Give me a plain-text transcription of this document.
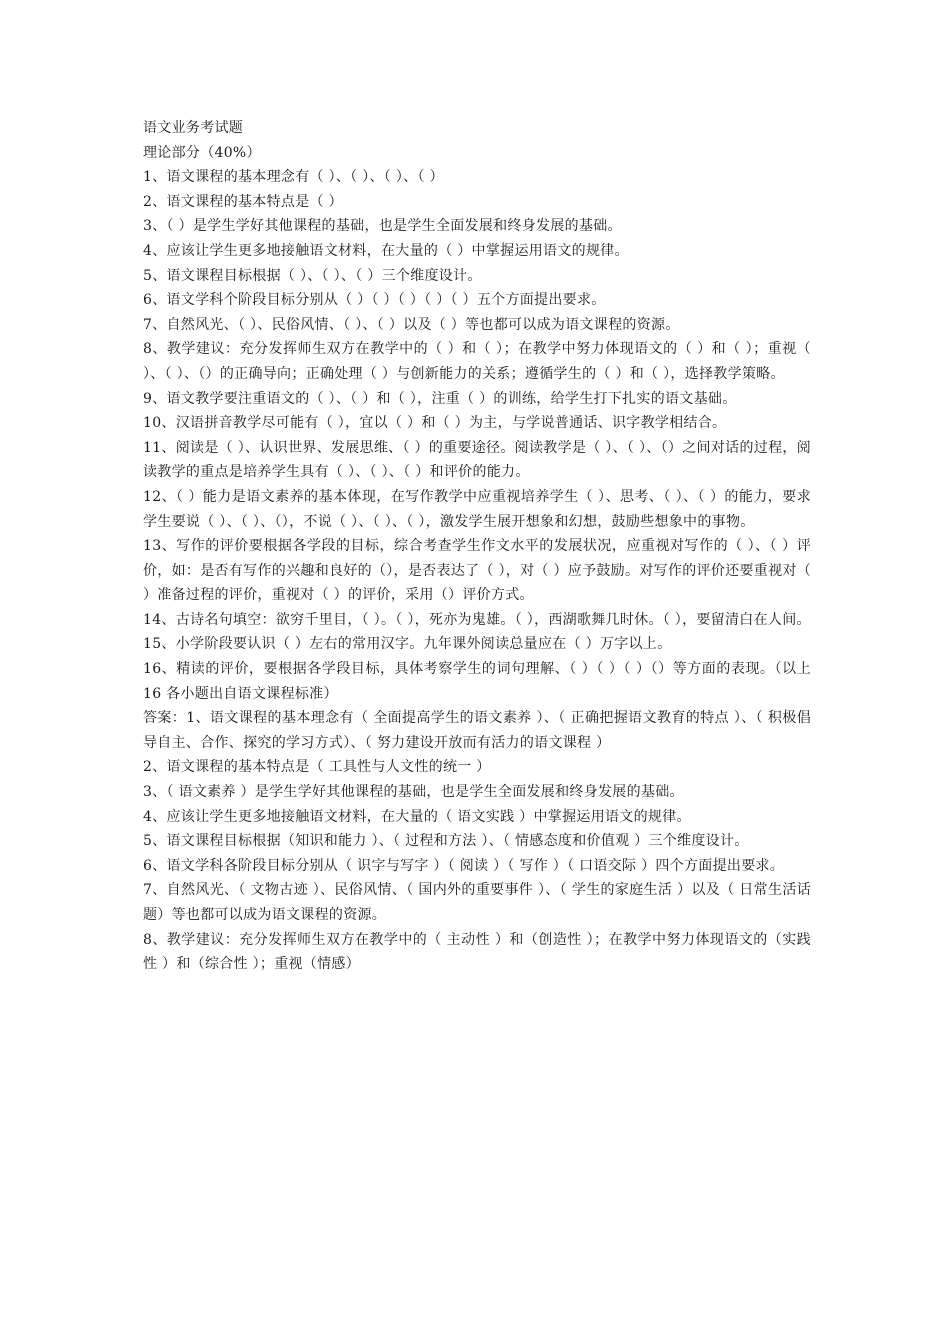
语文业务考试题

理论部分（40%）

1、语文课程的基本理念有（ ）、（ ）、（ ）、（ ）

2、语文课程的基本特点是（ ）

3、（ ）是学生学好其他课程的基础，也是学生全面发展和终身发展的基础。

4、应该让学生更多地接触语文材料，在大量的（ ）中掌握运用语文的规律。

5、语文课程目标根据（ ）、（ ）、（ ）三个维度设计。

6、语文学科个阶段目标分别从（ ）（ ）（ ）（ ）（ ）五个方面提出要求。

7、自然风光、（ ）、民俗风情、（ ）、（ ）以及（ ）等也都可以成为语文课程的资源。

8、教学建议：充分发挥师生双方在教学中的（ ）和（ ）；在教学中努力体现语文的（ ）和（ ）；重视（ ）、（ ）、（）的正确导向；正确处理（ ）与创新能力的关系；遵循学生的（ ）和（ ），选择教学策略。

9、语文教学要注重语文的（ ）、（ ）和（ ），注重（ ）的训练，给学生打下扎实的语文基础。

10、汉语拼音教学尽可能有（ ），宜以（ ）和（ ）为主，与学说普通话、识字教学相结合。

11、阅读是（ ）、认识世界、发展思维、（ ）的重要途径。阅读教学是（ ）、（ ）、（）之间对话的过程，阅读教学的重点是培养学生具有（ ）、（ ）、（ ）和评价的能力。

12、（ ）能力是语文素养的基本体现，在写作教学中应重视培养学生（ ）、思考、（ ）、（ ）的能力，要求学生要说（ ）、（ ）、（），不说（ ）、（ ）、（ ），激发学生展开想象和幻想，鼓励些想象中的事物。

13、写作的评价要根据各学段的目标，综合考查学生作文水平的发展状况，应重视对写作的（ ）、（ ）评价，如：是否有写作的兴趣和良好的（），是否表达了（ ），对（ ）应予鼓励。对写作的评价还要重视对（ ）准备过程的评价，重视对（ ）的评价，采用（）评价方式。

14、古诗名句填空：欲穷千里目，（ ）。（ ），死亦为鬼雄。（ ），西湖歌舞几时休。（ ），要留清白在人间。

15、小学阶段要认识（ ）左右的常用汉字。九年课外阅读总量应在（ ）万字以上。

16、精读的评价，要根据各学段目标，具体考察学生的词句理解、（ ）（ ）（ ）（）等方面的表现。（以上 16 各小题出自语文课程标准）

答案：1、语文课程的基本理念有（ 全面提高学生的语文素养 ）、（ 正确把握语文教育的特点 ）、（ 积极倡导自主、合作、探究的学习方式）、（ 努力建设开放而有活力的语文课程 ）

2、语文课程的基本特点是（ 工具性与人文性的统一 ）

3、（ 语文素养 ）是学生学好其他课程的基础，也是学生全面发展和终身发展的基础。

4、应该让学生更多地接触语文材料，在大量的（ 语文实践 ）中掌握运用语文的规律。

5、语文课程目标根据（知识和能力 ）、（ 过程和方法 ）、（ 情感态度和价值观 ）三个维度设计。

6、语文学科各阶段目标分别从（ 识字与写字 ）（ 阅读 ）（ 写作 ）（ 口语交际 ）四个方面提出要求。

7、自然风光、（ 文物古迹 ）、民俗风情、（ 国内外的重要事件 ）、（ 学生的家庭生活 ）以及（ 日常生活话题）等也都可以成为语文课程的资源。

8、教学建议：充分发挥师生双方在教学中的（ 主动性 ）和（创造性 ）；在教学中努力体现语文的（实践性 ）和（综合性 ）；重视（情感）
